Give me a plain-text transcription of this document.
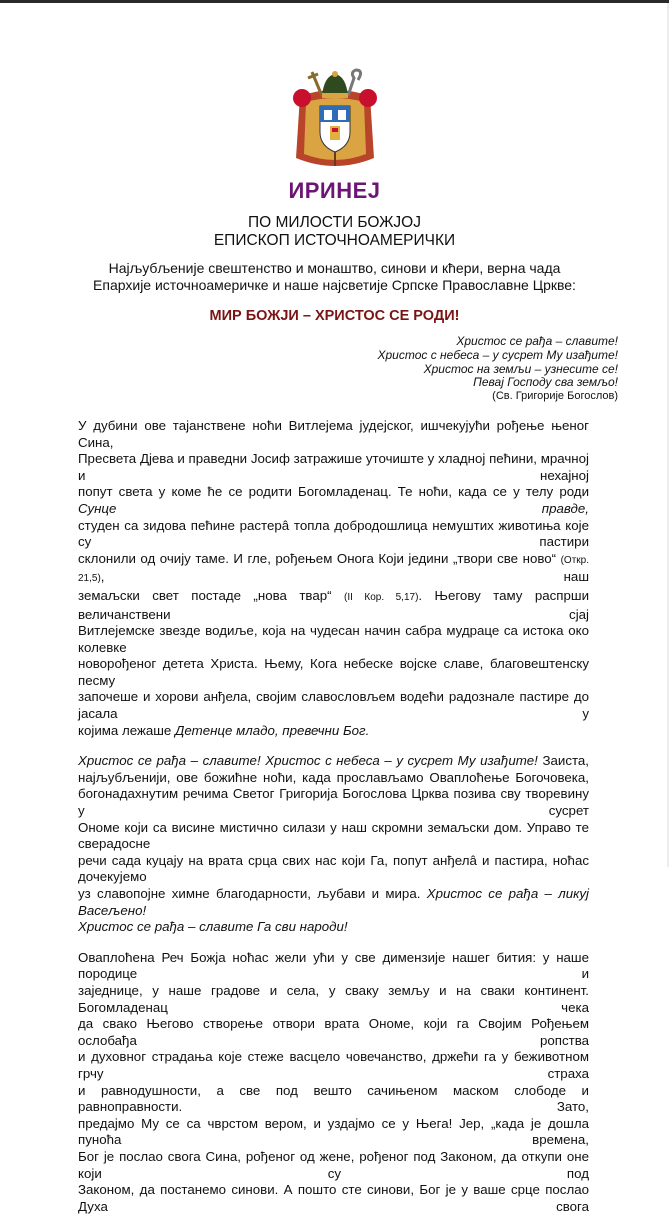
ИРИНЕЈ
ПО МИЛОСТИ БОЖЈОЈ
ЕПИСКОП ИСТОЧНОАМЕРИЧКИ
Најљубљеније свештенство и монаштво, синови и кћери, верна чада
Епархије источноамеричке и наше најсветије Српске Православне Цркве:
МИР БОЖЈИ – ХРИСТОС СЕ РОДИ!
Христос се рађа – славите!
Христос с небеса – у сусрет Му изађите!
Христос на земљи – узнесите се!
Певај Господу сва земљо!
(Св. Григорије Богослов)
У дубини ове тајанствене ноћи Витлејема јудејског, ишчекујући рођење њеног Сина,
Пресвета Дјева и праведни Јосиф затражише уточиште у хладној пећини, мрачној и нехајној
попут света у коме ће се родити Богомладенац. Те ноћи, када се у телу роди Сунце правде,
студен са зидова пећине растерâ топла добродошлица немуштих животиња које су пастири
склонили од очију таме. И гле, рођењем Онога Који једини „твори све ново“ (Откр. 21,5), наш
земаљски свет постаде „нова твар“ (II Кор. 5,17). Његову таму распрши величанствени сјај
Витлејемске звезде водиље, која на чудесан начин сабра мудраце са истока око колевке
новорођеног детета Христа. Њему, Кога небеске војске славе, благовештенску песму
започеше и хорови анђела, својим славословљем водећи радознале пастире до јасала у
којима лежаше Детенце младо, превечни Бог.
Христос се рађа – славите! Христос с небеса – у сусрет Му изађите! Заиста,
најљубљенији, ове божићне ноћи, када прослављамо Оваплоћење Богочовека,
богонадахнутим речима Светог Григорија Богослова Црква позива сву творевину у сусрет
Ономе који са висине мистично силази у наш скромни земаљски дом. Управо те сверадосне
речи сада куцају на врата срца свих нас који Га, попут анђелâ и пастира, ноћас дочекујемо
уз славопојне химне благодарности, љубави и мира. Христос се рађа – ликуј Васељено!
Христос се рађа – славите Га сви народи!
Оваплоћена Реч Божја ноћас жели ући у све димензије нашег бития: у наше породице и
заједнице, у наше градове и села, у сваку земљу и на сваки континент. Богомладенац чека
да свако Његово створење отвори врата Ономе, који га Својим Рођењем ослобађа ропства
и духовног страдања које стеже васцело човечанство, држећи га у беживотном грчу страха
и равнодушности, а све под вешто сачињеном маском слободе и равноправности. Зато,
предајмо Му се са чврстом вером, и уздајмо се у Њега! Јер, „када је дошла пуноћа времена,
Бог је послао свога Сина, рођеног од жене, рођеног под Законом, да откупи оне који су под
Законом, да постанемо синови. А пошто сте синови, Бог је у ваше срце послао Духа свога
